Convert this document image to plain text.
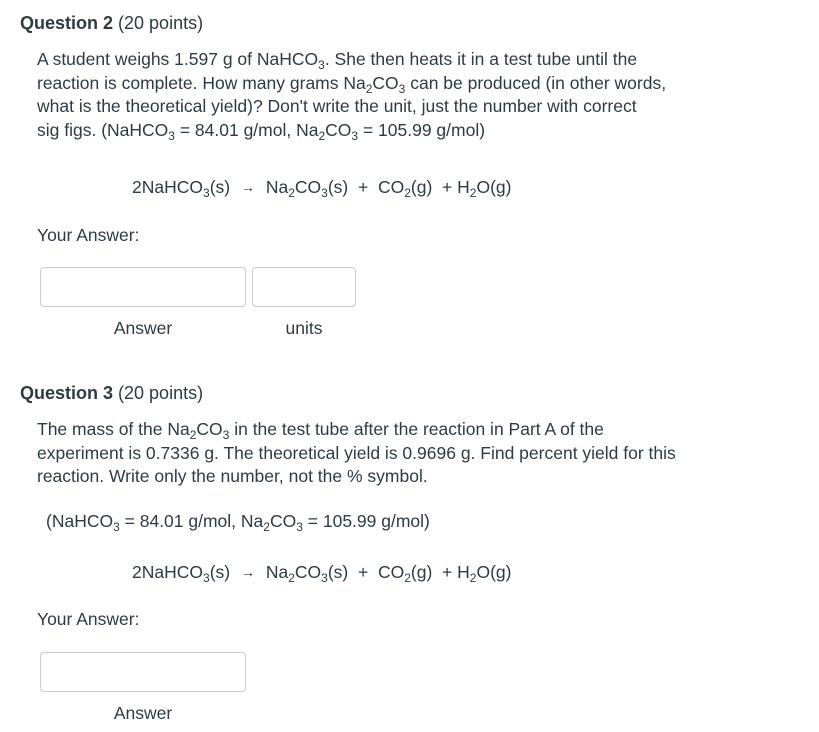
Question 2 (20 points)
A student weighs 1.597 g of NaHCO$_3$. She then heats it in a test tube until the
reaction is complete. How many grams $Na_2CO_3$ can be produced (in other words,
what is the theoretical yield)? Don't write the unit, just the number with correct
sig figs. (NaHCO$_3$ = 84.01 g/mol, $Na_2CO_3 = 105.99$ g/mol)
2NaHCO$_3$(s) → $Na_2CO_3(s) + CO_2(g) + H_2O(g)$
Your Answer:
Answer	units
Question 3 (20 points)
The mass of the $Na_2CO_3$ in the test tube after the reaction in Part A of the
experiment is 0.7336 g. The theoretical yield is 0.9696 g. Find percent yield for this
reaction. Write only the number, not the % symbol.
(NaHCO$_3$ = 84.01 g/mol, $Na_2CO_3 = 105.99$ g/mol)
2NaHCO$_3$(s) → $Na_2CO_3(s) + CO_2(g) + H_2O(g)$
Your Answer:
Answer
